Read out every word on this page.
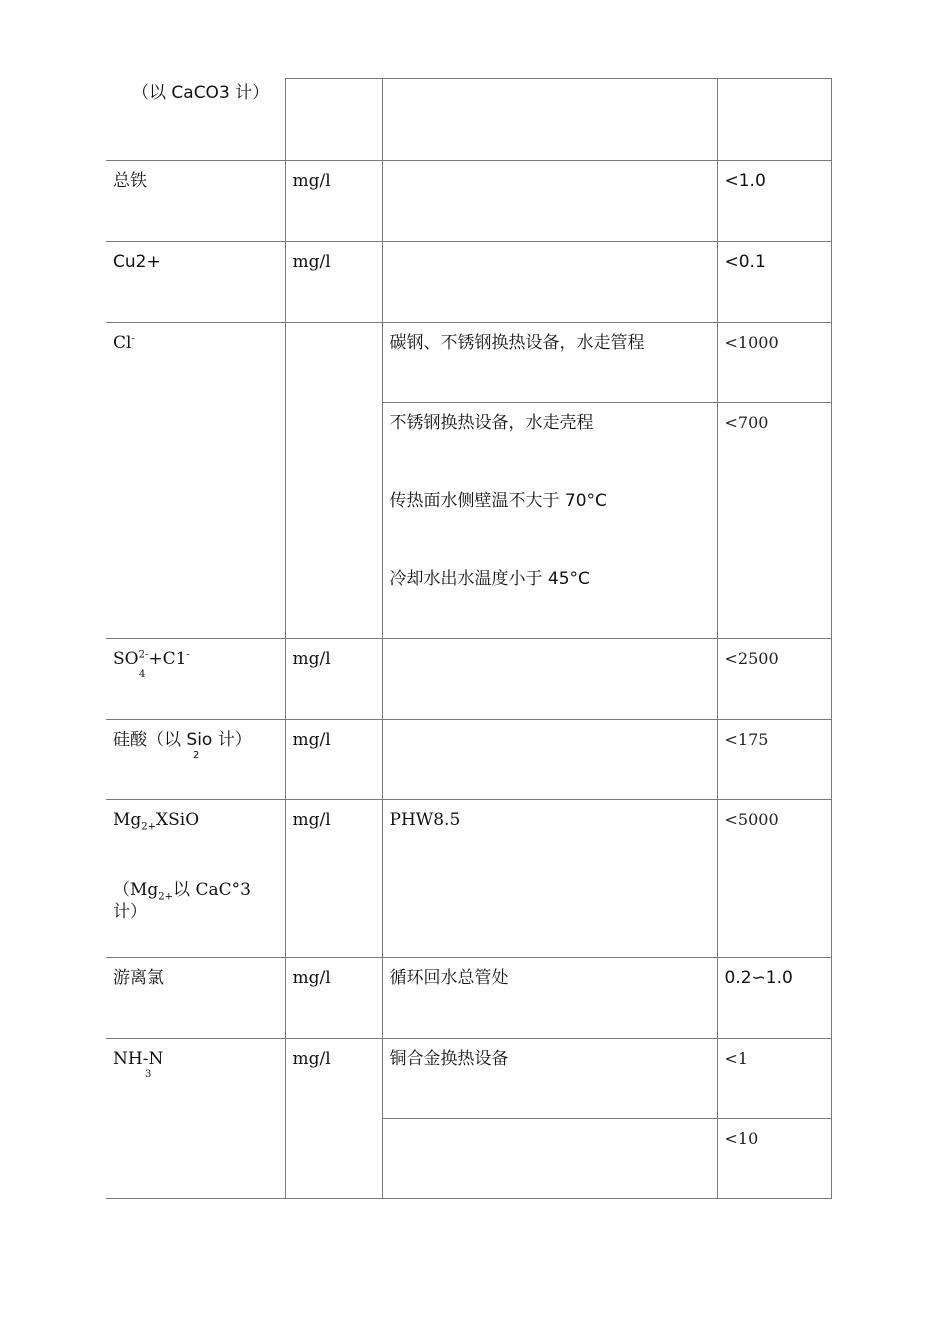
（以 CaCO3 计）			

总铁	mg/l		<1.0

Cu2+	mg/l		<0.1

Cl-		碳钢、不锈钢换热设备，水走管程	<1000

		不锈钢换热设备，水走壳程
传热面水侧壁温不大于 70°C
冷却水出水温度小于 45°C	<700

$SO^{2-}+C1^-$
4	mg/l		<2500

硅酸（以 Sio 计）
2	mg/l		<175

$Mg_{2+}XSiO$
（$Mg_{2+}$以 CaC°3
计）	mg/l	PHW8.5	<5000

游离氯	mg/l	循环回水总管处	0.2∽1.0

NH-N
3	mg/l	铜合金换热设备	<1

			<10
